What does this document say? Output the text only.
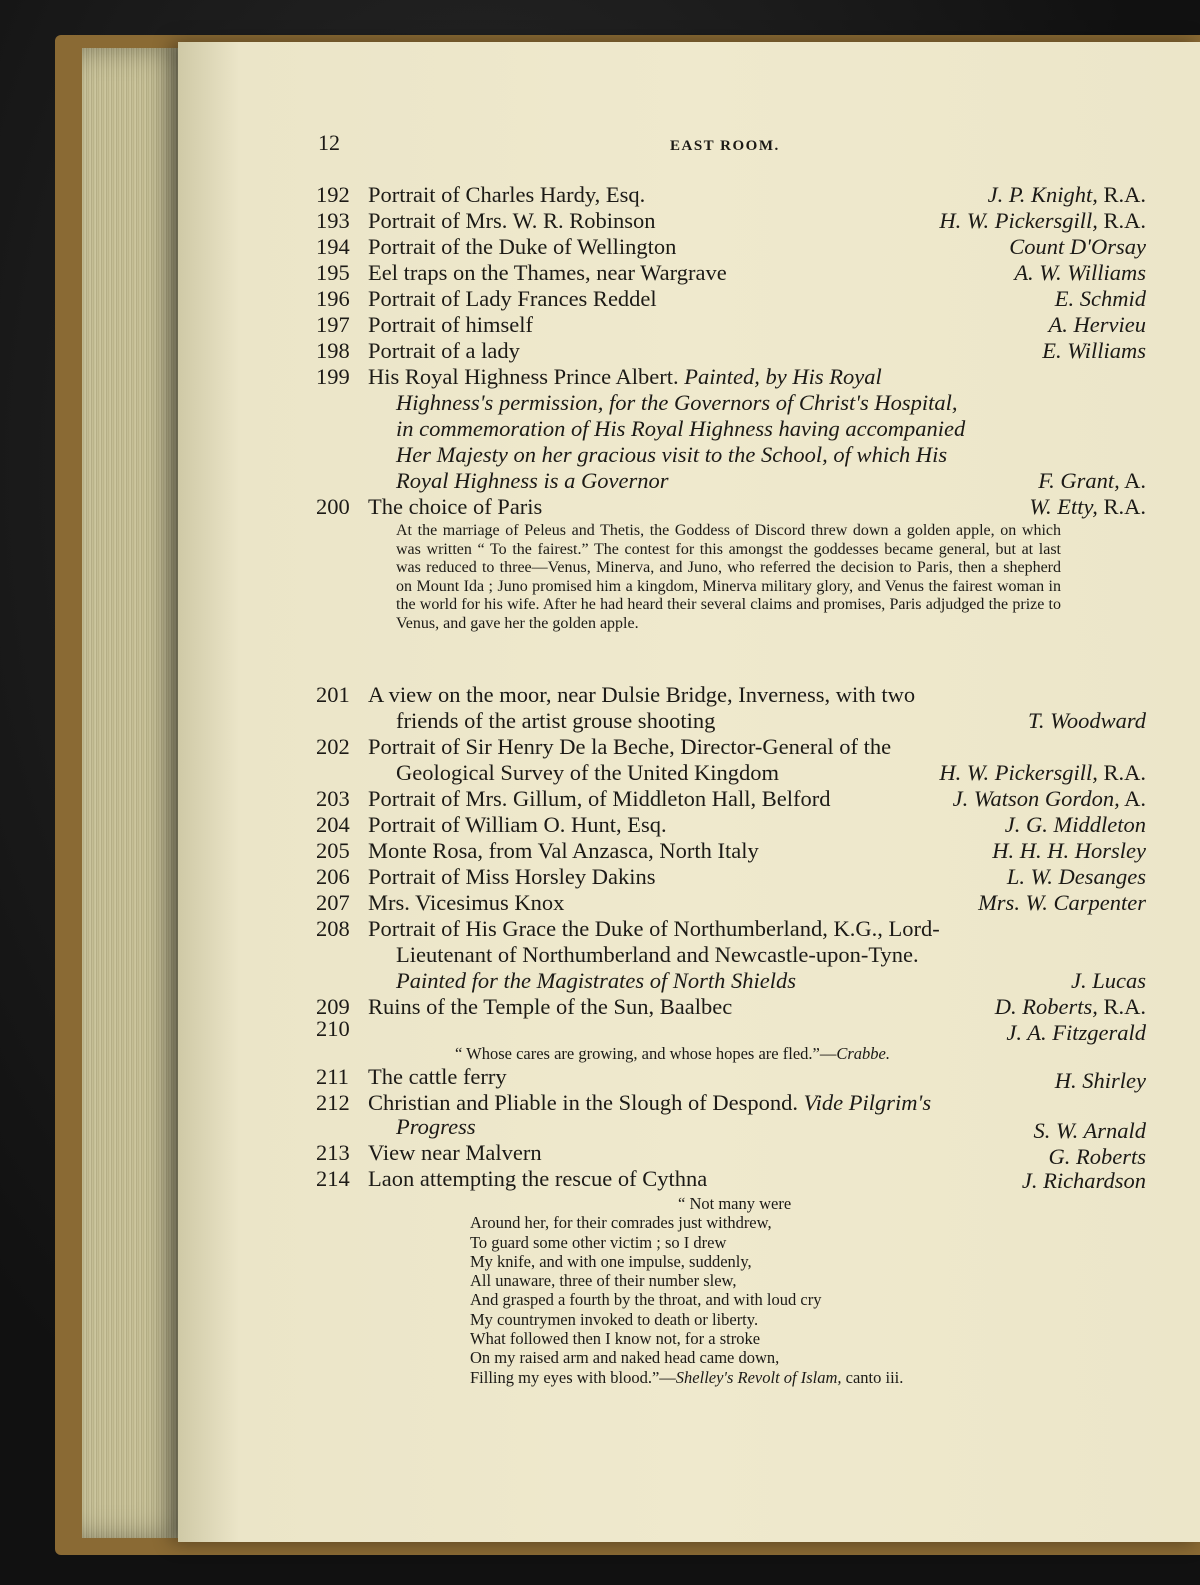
12	EAST ROOM.
192 Portrait of Charles Hardy, Esq.	J. P. Knight, R.A.
193 Portrait of Mrs. W. R. Robinson	H. W. Pickersgill, R.A.
194 Portrait of the Duke of Wellington	Count D'Orsay
195 Eel traps on the Thames, near Wargrave	A. W. Williams
196 Portrait of Lady Frances Reddel	E. Schmid
197 Portrait of himself	A. Hervieu
198 Portrait of a lady	E. Williams
199 His Royal Highness Prince Albert. Painted, by His Royal
Highness's permission, for the Governors of Christ's Hospital,
in commemoration of His Royal Highness having accompanied
Her Majesty on her gracious visit to the School, of which His
Royal Highness is a Governor	F. Grant, A.
200 The choice of Paris	W. Etty, R.A.
At the marriage of Peleus and Thetis, the Goddess of Discord threw down a golden apple, on which was written “ To the fairest.” The contest for this amongst the goddesses became general, but at last was reduced to three—Venus, Minerva, and Juno, who referred the decision to Paris, then a shepherd on Mount Ida ; Juno promised him a kingdom, Minerva military glory, and Venus the fairest woman in the world for his wife. After he had heard their several claims and promises, Paris adjudged the prize to Venus, and gave her the golden apple.
201 A view on the moor, near Dulsie Bridge, Inverness, with two
friends of the artist grouse shooting	T. Woodward
202 Portrait of Sir Henry De la Beche, Director-General of the
Geological Survey of the United Kingdom	H. W. Pickersgill, R.A.
203 Portrait of Mrs. Gillum, of Middleton Hall, Belford	J. Watson Gordon, A.
204 Portrait of William O. Hunt, Esq.	J. G. Middleton
205 Monte Rosa, from Val Anzasca, North Italy	H. H. H. Horsley
206 Portrait of Miss Horsley Dakins	L. W. Desanges
207 Mrs. Vicesimus Knox	Mrs. W. Carpenter
208 Portrait of His Grace the Duke of Northumberland, K.G., Lord-
Lieutenant of Northumberland and Newcastle-upon-Tyne.
Painted for the Magistrates of North Shields	J. Lucas
209 Ruins of the Temple of the Sun, Baalbec	D. Roberts, R.A.
210	J. A. Fitzgerald
“ Whose cares are growing, and whose hopes are fled.”—Crabbe.
211 The cattle ferry	H. Shirley
212 Christian and Pliable in the Slough of Despond. Vide Pilgrim's
Progress	S. W. Arnald
213 View near Malvern	G. Roberts
214 Laon attempting the rescue of Cythna	J. Richardson
“ Not many were
Around her, for their comrades just withdrew,
To guard some other victim ; so I drew
My knife, and with one impulse, suddenly,
All unaware, three of their number slew,
And grasped a fourth by the throat, and with loud cry
My countrymen invoked to death or liberty.
What followed then I know not, for a stroke
On my raised arm and naked head came down,
Filling my eyes with blood.”—Shelley's Revolt of Islam, canto iii.
